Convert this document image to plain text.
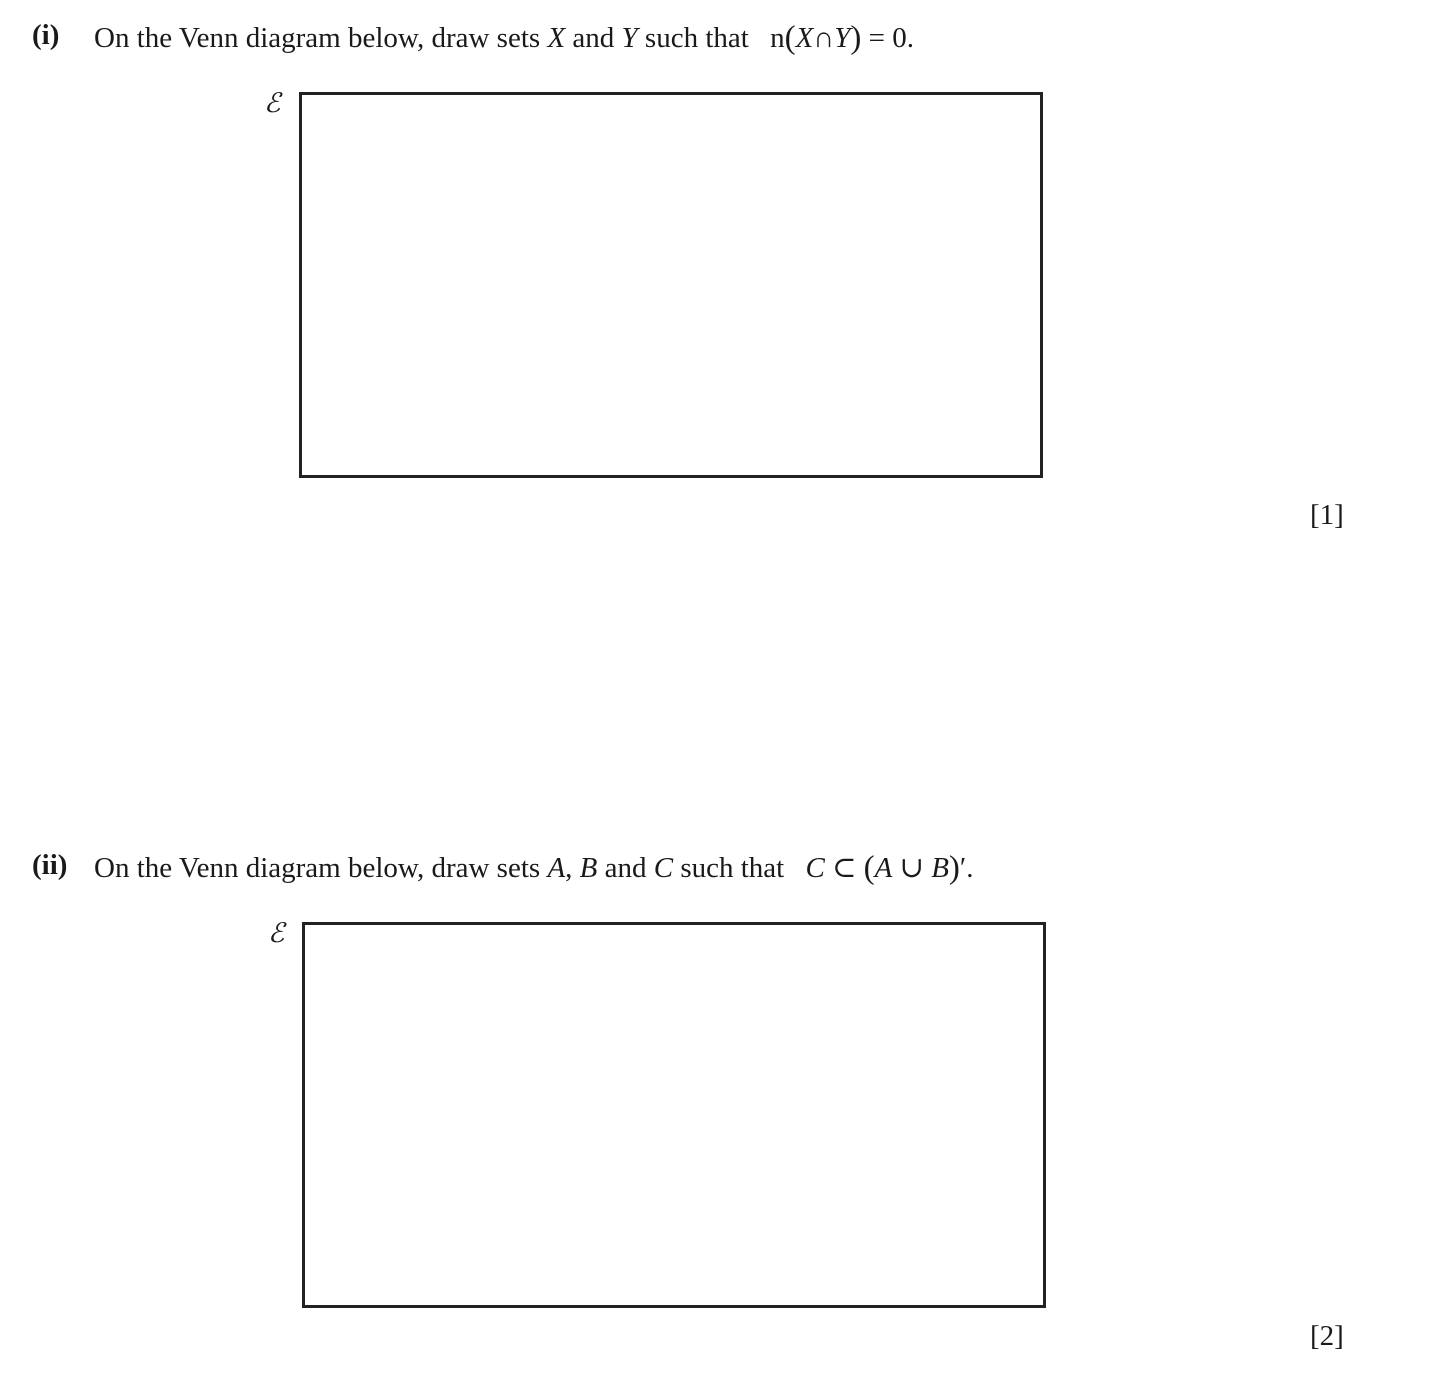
(i) On the Venn diagram below, draw sets X and Y such that n(X∩Y) = 0.
ℰ
[1]
(ii) On the Venn diagram below, draw sets A, B and C such that C ⊂ (A ∪ B)′.
ℰ
[2]
